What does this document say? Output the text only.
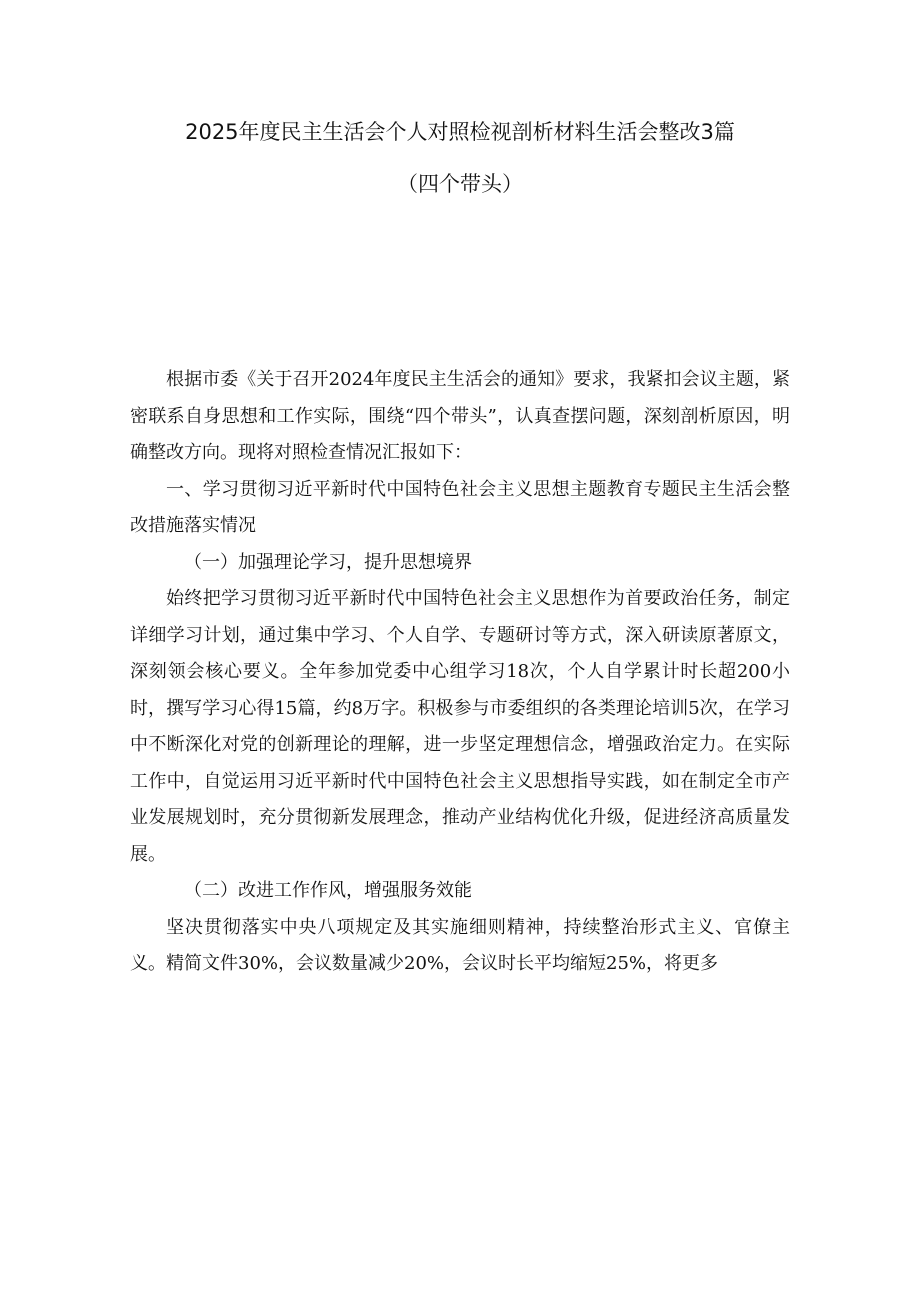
2025年度民主生活会个人对照检视剖析材料生活会整改3篇
（四个带头）

根据市委《关于召开2024年度民主生活会的通知》要求，我紧扣会议主题，紧密联系自身思想和工作实际，围绕“四个带头”，认真查摆问题，深刻剖析原因，明确整改方向。现将对照检查情况汇报如下：

一、学习贯彻习近平新时代中国特色社会主义思想主题教育专题民主生活会整改措施落实情况

（一）加强理论学习，提升思想境界

始终把学习贯彻习近平新时代中国特色社会主义思想作为首要政治任务，制定详细学习计划，通过集中学习、个人自学、专题研讨等方式，深入研读原著原文，深刻领会核心要义。全年参加党委中心组学习18次，个人自学累计时长超200小时，撰写学习心得15篇，约8万字。积极参与市委组织的各类理论培训5次，在学习中不断深化对党的创新理论的理解，进一步坚定理想信念，增强政治定力。在实际工作中，自觉运用习近平新时代中国特色社会主义思想指导实践，如在制定全市产业发展规划时，充分贯彻新发展理念，推动产业结构优化升级，促进经济高质量发展。

（二）改进工作作风，增强服务效能

坚决贯彻落实中央八项规定及其实施细则精神，持续整治形式主义、官僚主义。精简文件30%，会议数量减少20%，会议时长平均缩短25%，将更多
